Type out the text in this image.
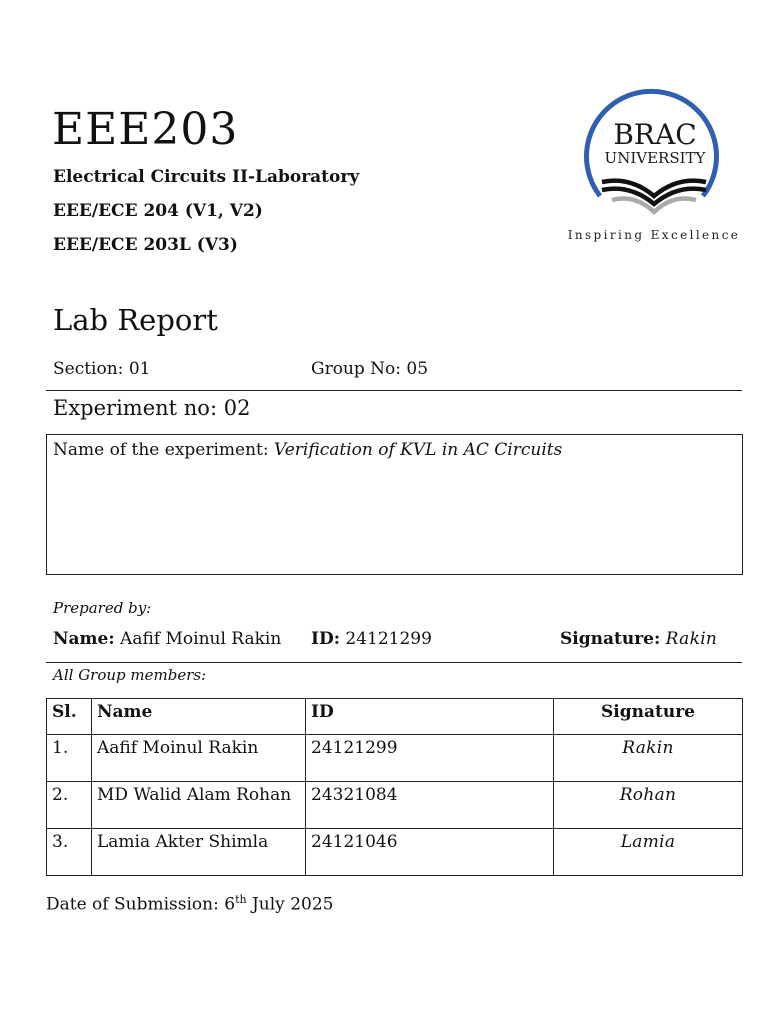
EEE203
Electrical Circuits II-Laboratory
EEE/ECE 204 (V1, V2)
EEE/ECE 203L (V3)
BRAC
UNIVERSITY
Inspiring Excellence
Lab Report
Section: 01	Group No: 05
Experiment no: 02
Name of the experiment: Verification of KVL in AC Circuits
Prepared by:
Name: Aafif Moinul Rakin ID: 24121299	Signature: Rakin
All Group members:
Sl.	Name	ID	Signature
1.	Aafif Moinul Rakin	24121299	Rakin
2.	MD Walid Alam Rohan	24321084	Rohan
3.	Lamia Akter Shimla	24121046	Lamia
Date of Submission: 6th July 2025
